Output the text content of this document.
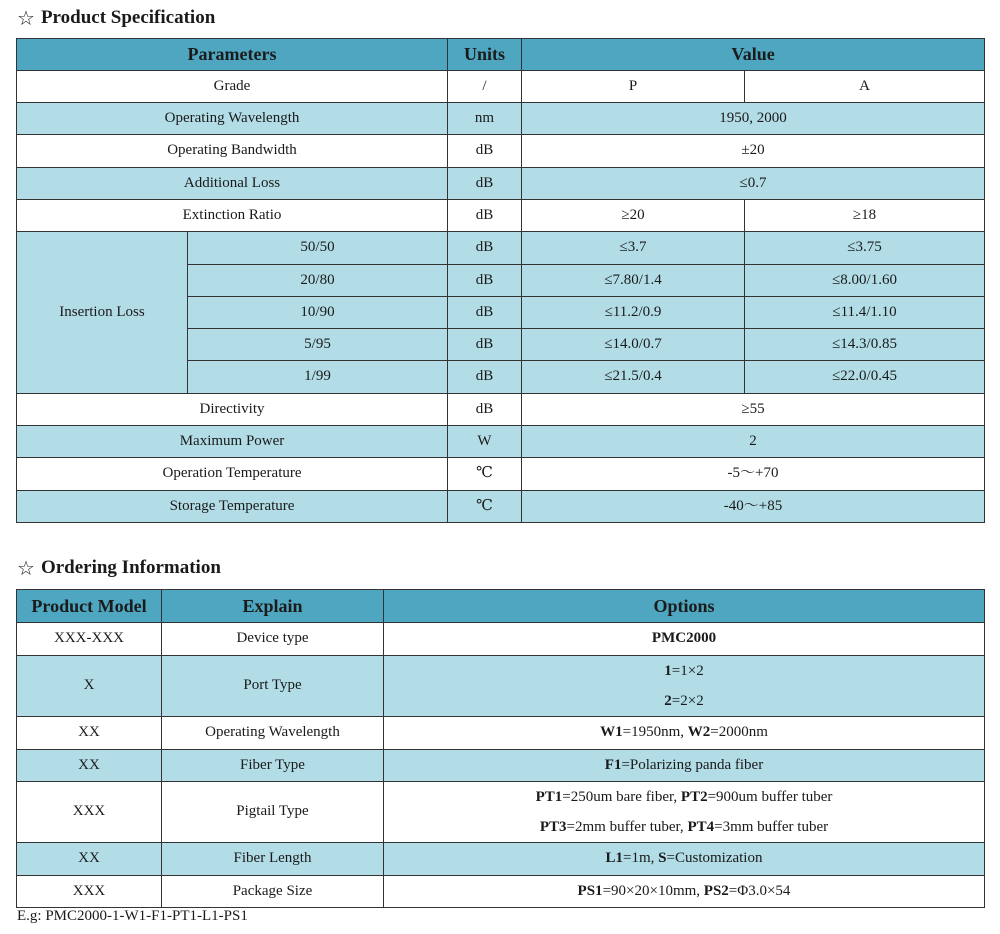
☆ Product Specification
Parameters		Units	Value	
Grade		/	P	A
Operating Wavelength		nm	1950, 2000	
Operating Bandwidth		dB	±20	
Additional Loss		dB	≤0.7	
Extinction Ratio		dB	≥20	≥18
Insertion Loss	50/50	dB	≤3.7	≤3.75
	20/80	dB	≤7.80/1.4	≤8.00/1.60
	10/90	dB	≤11.2/0.9	≤11.4/1.10
	5/95	dB	≤14.0/0.7	≤14.3/0.85
	1/99	dB	≤21.5/0.4	≤22.0/0.45
Directivity		dB	≥55	
Maximum Power		W	2	
Operation Temperature		℃	-5～+70	
Storage Temperature		℃	-40～+85	
☆ Ordering Information
Product Model	Explain	Options
XXX-XXX	Device type	PMC2000
X	Port Type	1=1×2
2=2×2

XX	Operating Wavelength	W1=1950nm, W2=2000nm
XX	Fiber Type	F1=Polarizing panda fiber
XXX	Pigtail Type	PT1=250um bare fiber, PT2=900um buffer tuber
PT3=2mm buffer tuber, PT4=3mm buffer tuber

XX	Fiber Length	L1=1m, S=Customization
XXX	Package Size	PS1=90×20×10mm, PS2=Φ3.0×54
E.g: PMC2000-1-W1-F1-PT1-L1-PS1
